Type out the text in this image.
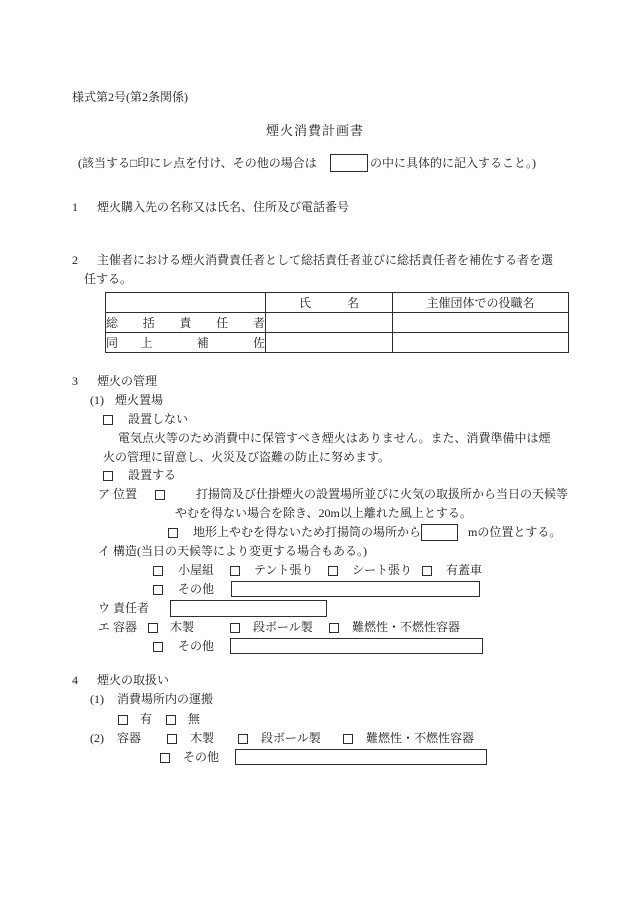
様式第2号(第2条関係)
煙火消費計画書
	氏　　　名	主催団体での役職名
総 括 責 任 者		
同 上　 補　 佐		
(該当する□印にレ点を付け、その他の場合は	の中に具体的に記入すること。)
1 煙火購入先の名称又は氏名、住所及び電話番号
2 主催者における煙火消費責任者として総括責任者並びに総括責任者を補佐する者を選
任する。
3 煙火の管理
(1) 煙火置場
設置しない
電気点火等のため消費中に保管すべき煙火はありません。また、消費準備中は煙
火の管理に留意し、火災及び盗難の防止に努めます。
設置する
ア 位置	打揚筒及び仕掛煙火の設置場所並びに火気の取扱所から当日の天候等
やむを得ない場合を除き、20m以上離れた風上とする。
地形上やむを得ないため打揚筒の場所から	mの位置とする。
イ 構造(当日の天候等により変更する場合もある。)
小屋組	テント張り	シート張り	有蓋車
その他
ウ 責任者
エ 容器	木製	段ボール製	難燃性・不燃性容器
その他
4 煙火の取扱い
(1) 消費場所内の運搬
有	無
(2) 容器	木製	段ボール製	難燃性・不燃性容器
その他
